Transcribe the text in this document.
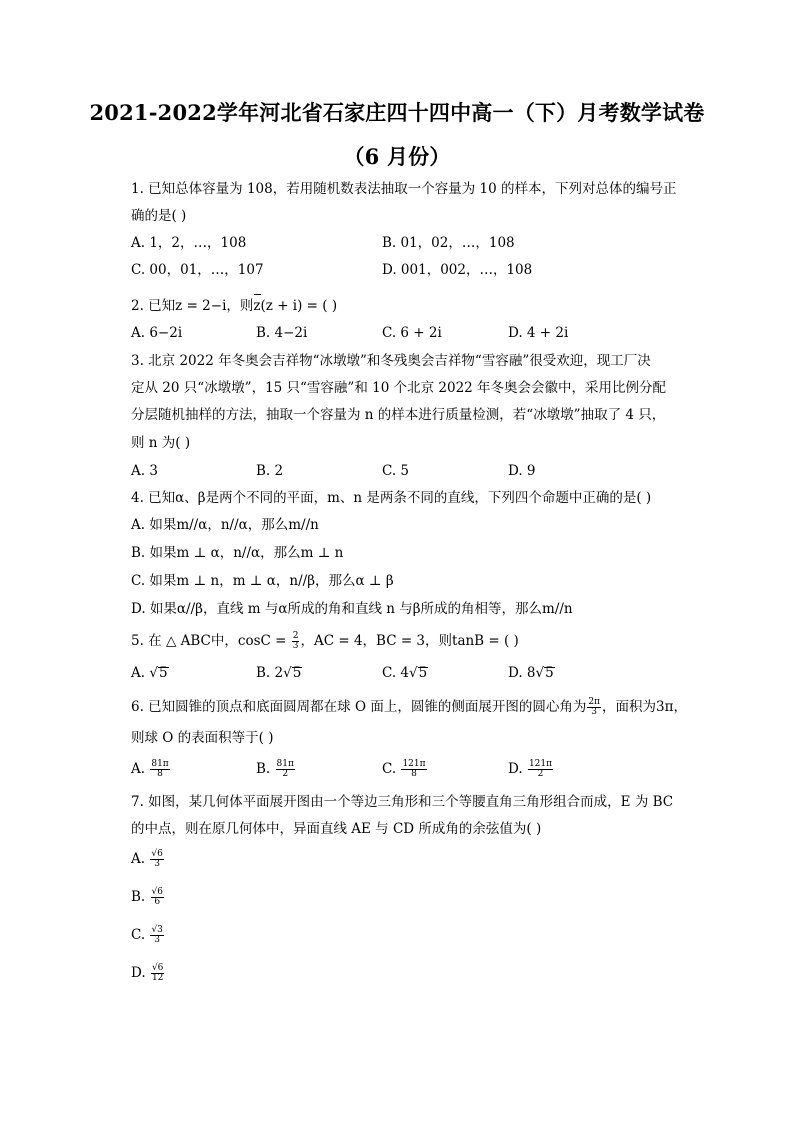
2021-2022学年河北省石家庄四十四中高一（下）月考数学试卷
（6 月份）
1. 已知总体容量为 108，若用随机数表法抽取一个容量为 10 的样本，下列对总体的编号正
确的是( )
A. 1，2，…，108	B. 01，02，…，108
C. 00，01，…，107	D. 001，002，…，108
2. 已知z = 2−i，则z(z + i) = ( )
A. 6−2i	B. 4−2i	C. 6 + 2i	D. 4 + 2i
3. 北京 2022 年冬奥会吉祥物“冰墩墩”和冬残奥会吉祥物“雪容融”很受欢迎，现工厂决
定从 20 只“冰墩墩”，15 只“雪容融”和 10 个北京 2022 年冬奥会会徽中，采用比例分配
分层随机抽样的方法，抽取一个容量为 n 的样本进行质量检测，若“冰墩墩”抽取了 4 只，
则 n 为( )
A. 3	B. 2	C. 5	D. 9
4. 已知α、β是两个不同的平面，m、n 是两条不同的直线，下列四个命题中正确的是( )
A. 如果m//α，n//α，那么m//n
B. 如果m ⊥ α，n//α，那么m ⊥ n
C. 如果m ⊥ n，m ⊥ α，n//β，那么α ⊥ β
D. 如果α//β，直线 m 与α所成的角和直线 n 与β所成的角相等，那么m//n
5. 在 △ ABC中，$\cos C = \frac{2}{3}$ ，AC = 4，BC = 3，则tanB = ( )
A. √5	B. 2√5	C. 4√5	D. 8√5
6. 已知圆锥的顶点和底面圆周都在球 O 面上，圆锥的侧面展开图的圆心角为 $\frac{2\pi}{3}$ ，面积为3π，
则球 O 的表面积等于( )
A. $\frac{81\pi}{8}$	B. $\frac{81\pi}{2}$	C. $\frac{121\pi}{8}$	D. $\frac{121\pi}{2}$
7. 如图，某几何体平面展开图由一个等边三角形和三个等腰直角三角形组合而成，E 为 BC
的中点，则在原几何体中，异面直线 AE 与 CD 所成角的余弦值为( )
A. $\frac{√6}{3}$
B. $\frac{√6}{6}$
C. $\frac{√3}{3}$
D. $\frac{√6}{12}$
